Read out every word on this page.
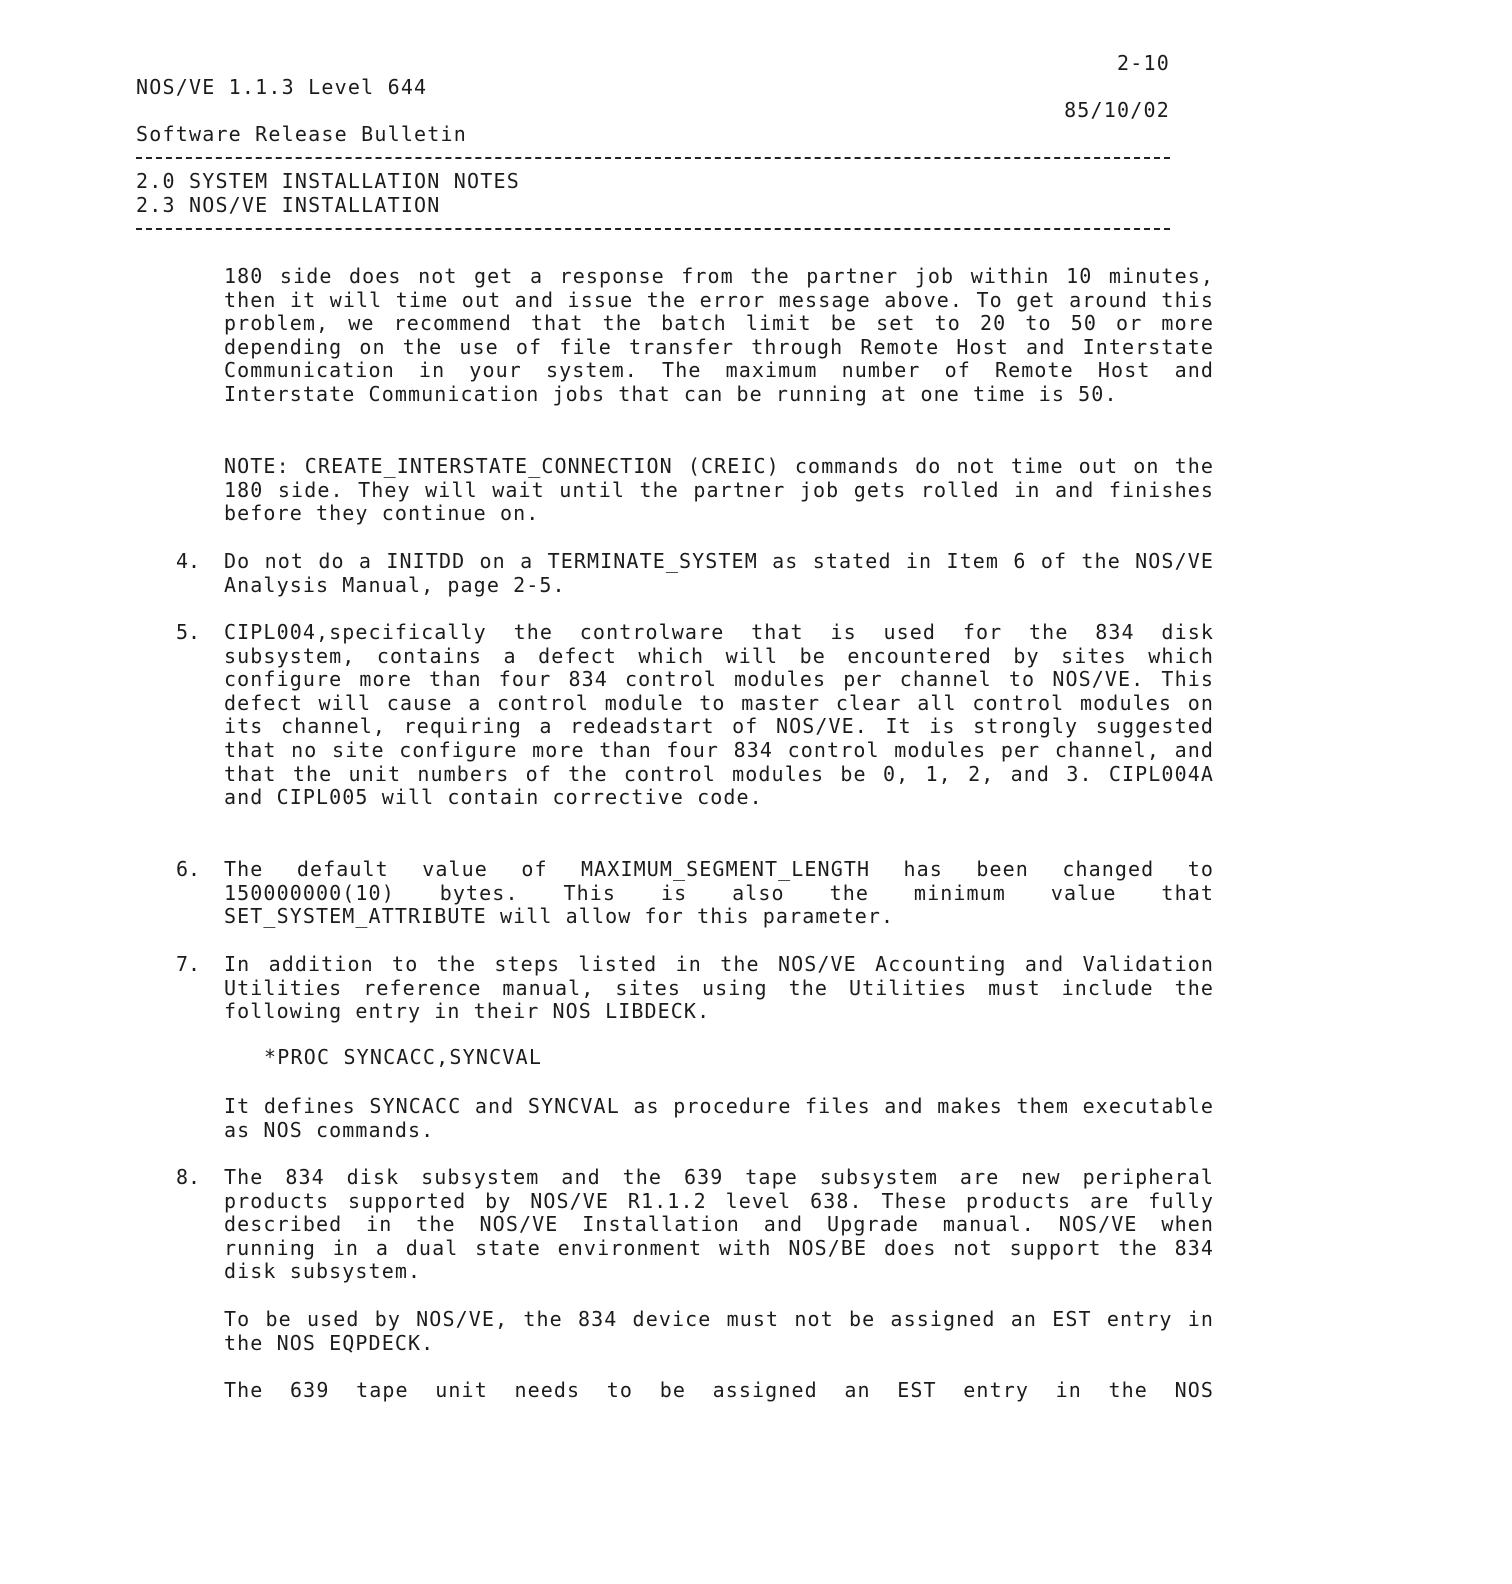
2-10
NOS/VE 1.1.3 Level 644
85/10/02
Software Release Bulletin
2.0 SYSTEM INSTALLATION NOTES
2.3 NOS/VE INSTALLATION

180 side does not get a response from the partner job within 10 minutes, then it will time out and issue the error message above. To get around this problem, we recommend that the batch limit be set to 20 to 50 or more depending on the use of file transfer through Remote Host and Interstate Communication in your system. The maximum number of Remote Host and Interstate Communication jobs that can be running at one time is 50.

NOTE: CREATE_INTERSTATE_CONNECTION (CREIC) commands do not time out on the 180 side. They will wait until the partner job gets rolled in and finishes before they continue on.

4. Do not do a INITDD on a TERMINATE_SYSTEM as stated in Item 6 of the NOS/VE Analysis Manual, page 2-5.

5. CIPL004,specifically the controlware that is used for the 834 disk subsystem, contains a defect which will be encountered by sites which configure more than four 834 control modules per channel to NOS/VE. This defect will cause a control module to master clear all control modules on its channel, requiring a redeadstart of NOS/VE. It is strongly suggested that no site configure more than four 834 control modules per channel, and that the unit numbers of the control modules be 0, 1, 2, and 3. CIPL004A and CIPL005 will contain corrective code.

6. The default value of MAXIMUM_SEGMENT_LENGTH has been changed to 150000000(10) bytes. This is also the minimum value that SET_SYSTEM_ATTRIBUTE will allow for this parameter.

7. In addition to the steps listed in the NOS/VE Accounting and Validation Utilities reference manual, sites using the Utilities must include the following entry in their NOS LIBDECK.

*PROC SYNCACC,SYNCVAL

It defines SYNCACC and SYNCVAL as procedure files and makes them executable as NOS commands.

8. The 834 disk subsystem and the 639 tape subsystem are new peripheral products supported by NOS/VE R1.1.2 level 638. These products are fully described in the NOS/VE Installation and Upgrade manual. NOS/VE when running in a dual state environment with NOS/BE does not support the 834 disk subsystem.

To be used by NOS/VE, the 834 device must not be assigned an EST entry in the NOS EQPDECK.

The 639 tape unit needs to be assigned an EST entry in the NOS
